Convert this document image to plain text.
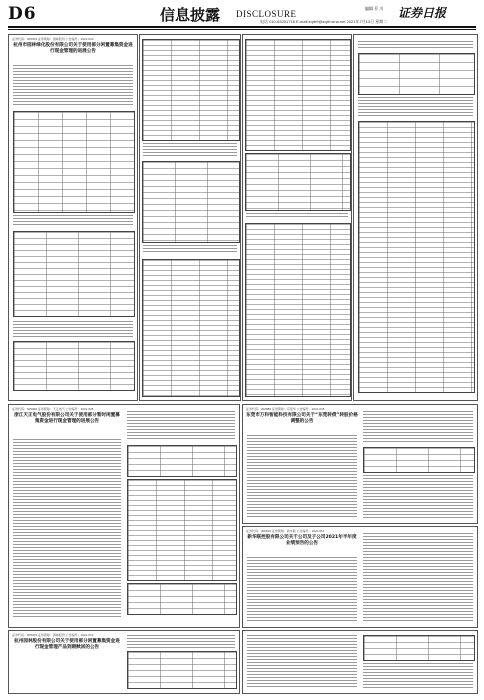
D6	信息披露 DISCLOSURE
编辑 乔 川 证券日报
电话 010-83251716 E-mail:zqrb9@zqrb.sina.net 2021年7月13日 星期二
证券代码：605303 证券简称：园林股份 公告编号：2021-032
杭州市园林绿化股份有限公司关于使用部分闲置募集资金进行现金管理的进展公告
证券代码：605066 证券简称：天正电气 公告编号：2021-035
浙江天正电气股份有限公司关于使用部分暂时闲置募集资金进行现金管理的进展公告
证券代码：002885 证券简称：京泉华 公告编号：2021-045
东莞市万科智能科技有限公司关于“东莞转债”转股价格调整的公告
证券代码：000620 证券简称：新华联 公告编号：2021-061
新华联控股有限公司关于公司及子公司2021年半年度业绩预告的公告
证券代码：605303 证券简称：园林股份 公告编号：2021-033
杭州园林股份有限公司关于使用部分闲置募集资金进行现金管理产品到期赎回的公告
